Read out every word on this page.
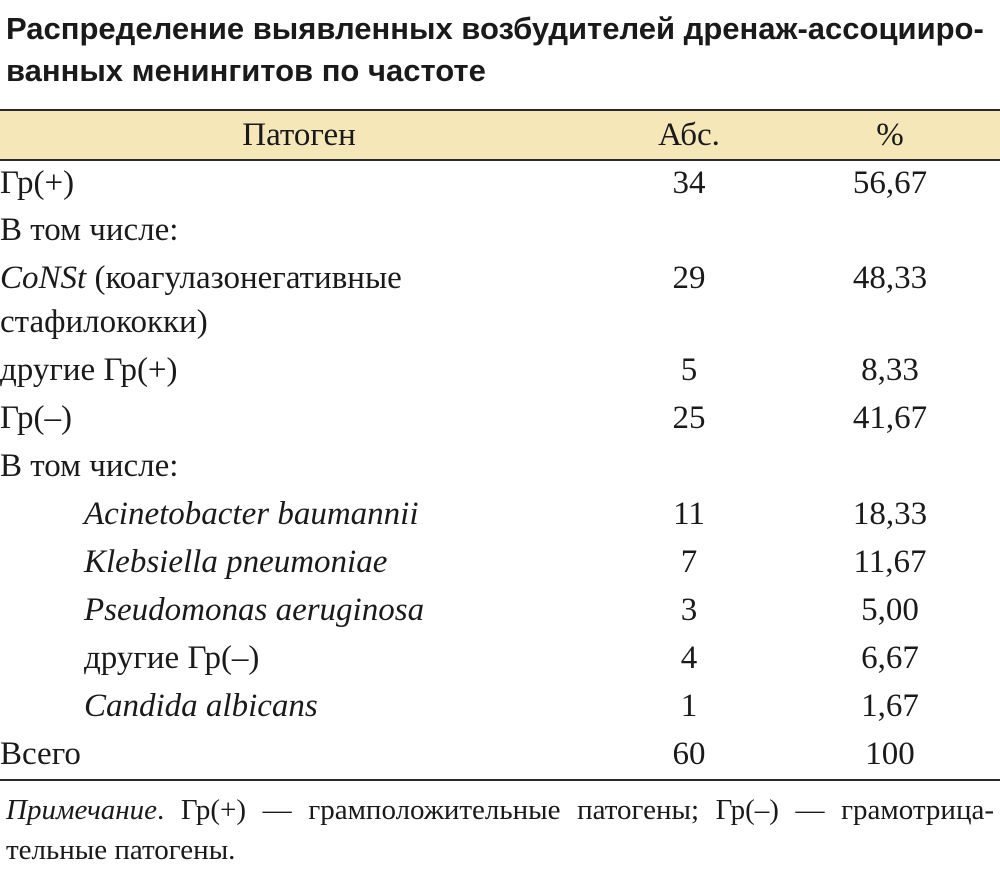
Распределение выявленных возбудителей дренаж-ассоцииро-
ванных менингитов по частоте
Патоген	Абс.	%
Гр(+)	34	56,67
В том числе:		

CoNSt (коагулазонегативные
стафилококки)	29	48,33
другие Гр(+)	5	8,33
Гр(–)	25	41,67
В том числе:		
Acinetobacter baumannii	11	18,33
Klebsiella pneumoniae	7	11,67
Pseudomonas aeruginosa	3	5,00
другие Гр(–)	4	6,67
Candida albicans	1	1,67
Всего	60	100
Примечание. Гр(+) — грамположительные патогены; Гр(–) — грамотрица-тельные патогены.
